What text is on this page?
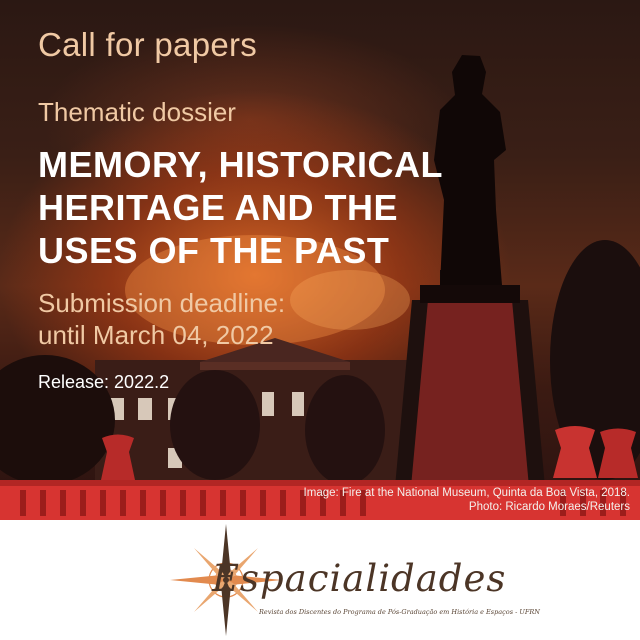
Call for papers
Thematic dossier
MEMORY, HISTORICAL
HERITAGE AND THE
USES OF THE PAST
Submission deadline:
until March 04, 2022
Release: 2022.2
Image: Fire at the National Museum, Quinta da Boa Vista, 2018.
Photo: Ricardo Moraes/Reuters
Espacialidades
Revista dos Discentes do Programa de Pós-Graduação em História e Espaços - UFRN
